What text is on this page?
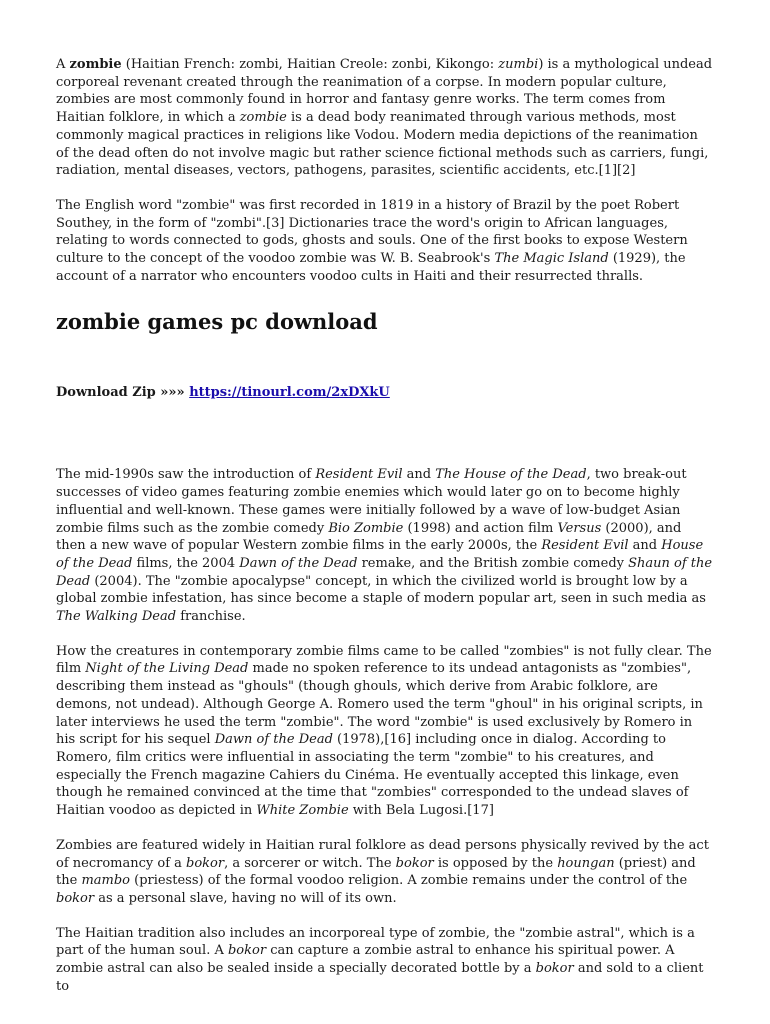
A zombie (Haitian French: zombi, Haitian Creole: zonbi, Kikongo: zumbi) is a mythological undead corporeal revenant created through the reanimation of a corpse. In modern popular culture, zombies are most commonly found in horror and fantasy genre works. The term comes from Haitian folklore, in which a zombie is a dead body reanimated through various methods, most commonly magical practices in religions like Vodou. Modern media depictions of the reanimation of the dead often do not involve magic but rather science fictional methods such as carriers, fungi, radiation, mental diseases, vectors, pathogens, parasites, scientific accidents, etc.[1][2]

The English word "zombie" was first recorded in 1819 in a history of Brazil by the poet Robert Southey, in the form of "zombi".[3] Dictionaries trace the word's origin to African languages, relating to words connected to gods, ghosts and souls. One of the first books to expose Western culture to the concept of the voodoo zombie was W. B. Seabrook's The Magic Island (1929), the account of a narrator who encounters voodoo cults in Haiti and their resurrected thralls.

zombie games pc download

Download Zip »»» https://tinourl.com/2xDXkU

The mid-1990s saw the introduction of Resident Evil and The House of the Dead, two break-out successes of video games featuring zombie enemies which would later go on to become highly influential and well-known. These games were initially followed by a wave of low-budget Asian zombie films such as the zombie comedy Bio Zombie (1998) and action film Versus (2000), and then a new wave of popular Western zombie films in the early 2000s, the Resident Evil and House of the Dead films, the 2004 Dawn of the Dead remake, and the British zombie comedy Shaun of the Dead (2004). The "zombie apocalypse" concept, in which the civilized world is brought low by a global zombie infestation, has since become a staple of modern popular art, seen in such media as The Walking Dead franchise.

How the creatures in contemporary zombie films came to be called "zombies" is not fully clear. The film Night of the Living Dead made no spoken reference to its undead antagonists as "zombies", describing them instead as "ghouls" (though ghouls, which derive from Arabic folklore, are demons, not undead). Although George A. Romero used the term "ghoul" in his original scripts, in later interviews he used the term "zombie". The word "zombie" is used exclusively by Romero in his script for his sequel Dawn of the Dead (1978),[16] including once in dialog. According to Romero, film critics were influential in associating the term "zombie" to his creatures, and especially the French magazine Cahiers du Cinéma. He eventually accepted this linkage, even though he remained convinced at the time that "zombies" corresponded to the undead slaves of Haitian voodoo as depicted in White Zombie with Bela Lugosi.[17]

Zombies are featured widely in Haitian rural folklore as dead persons physically revived by the act of necromancy of a bokor, a sorcerer or witch. The bokor is opposed by the houngan (priest) and the mambo (priestess) of the formal voodoo religion. A zombie remains under the control of the bokor as a personal slave, having no will of its own.

The Haitian tradition also includes an incorporeal type of zombie, the "zombie astral", which is a part of the human soul. A bokor can capture a zombie astral to enhance his spiritual power. A zombie astral can also be sealed inside a specially decorated bottle by a bokor and sold to a client to
